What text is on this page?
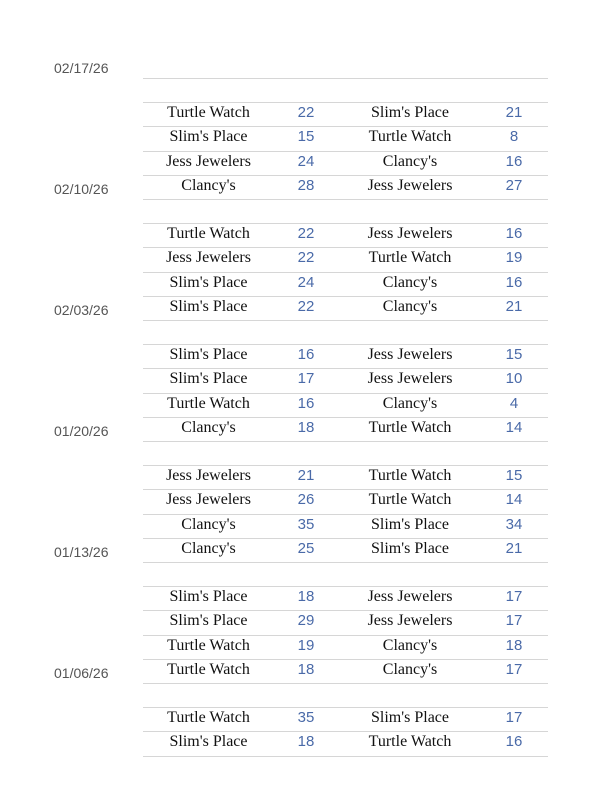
02/17/26
Turtle Watch	22	Slim's Place	21
Slim's Place	15	Turtle Watch	8
Jess Jewelers	24	Clancy's	16
Clancy's	28	Jess Jewelers	27
02/10/26
Turtle Watch	22	Jess Jewelers	16
Jess Jewelers	22	Turtle Watch	19
Slim's Place	24	Clancy's	16
Slim's Place	22	Clancy's	21
02/03/26
Slim's Place	16	Jess Jewelers	15
Slim's Place	17	Jess Jewelers	10
Turtle Watch	16	Clancy's	4
Clancy's	18	Turtle Watch	14
01/20/26
Jess Jewelers	21	Turtle Watch	15
Jess Jewelers	26	Turtle Watch	14
Clancy's	35	Slim's Place	34
Clancy's	25	Slim's Place	21
01/13/26
Slim's Place	18	Jess Jewelers	17
Slim's Place	29	Jess Jewelers	17
Turtle Watch	19	Clancy's	18
Turtle Watch	18	Clancy's	17
01/06/26
Turtle Watch	35	Slim's Place	17
Slim's Place	18	Turtle Watch	16
